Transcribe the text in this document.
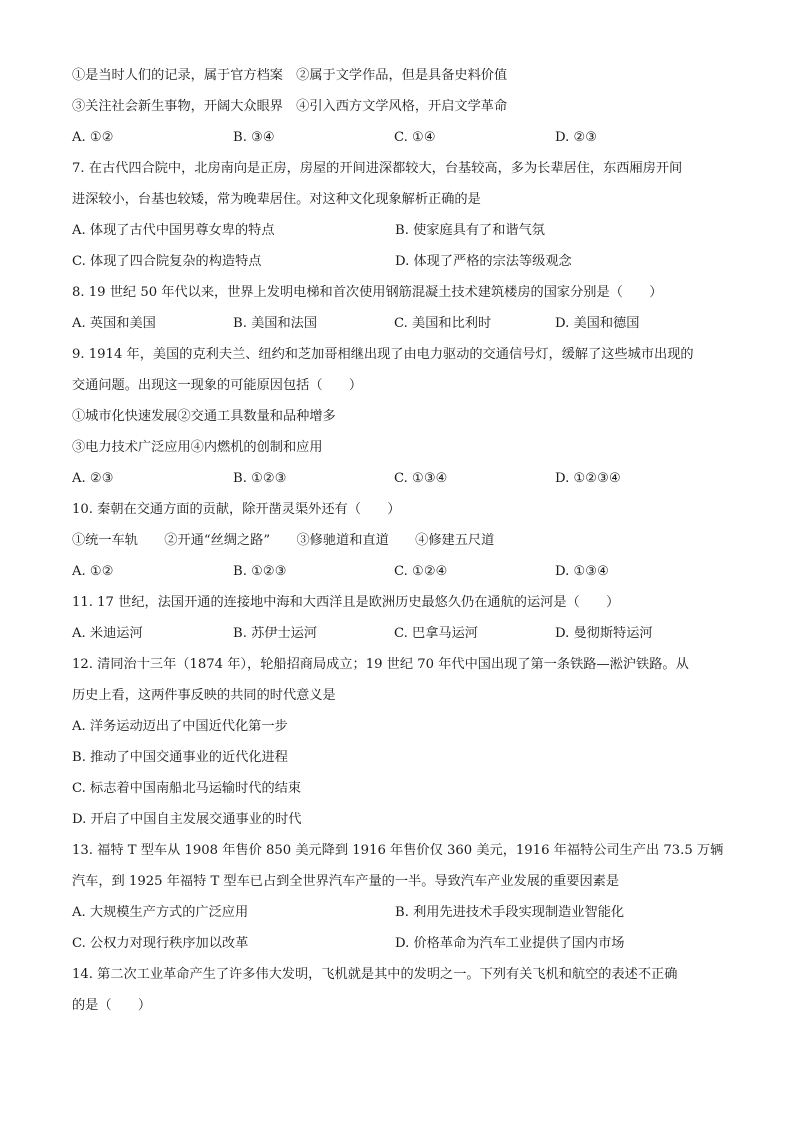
①是当时人们的记录，属于官方档案　②属于文学作品，但是具备史料价值
③关注社会新生事物，开阔大众眼界　④引入西方文学风格，开启文学革命
A. ①②	B. ③④	C. ①④	D. ②③
7. 在古代四合院中，北房南向是正房，房屋的开间进深都较大，台基较高，多为长辈居住，东西厢房开间
进深较小，台基也较矮，常为晚辈居住。对这种文化现象解析正确的是
A. 体现了古代中国男尊女卑的特点	B. 使家庭具有了和谐气氛
C. 体现了四合院复杂的构造特点	D. 体现了严格的宗法等级观念
8. 19 世纪 50 年代以来，世界上发明电梯和首次使用钢筋混凝土技术建筑楼房的国家分别是（　　）
A. 英国和美国	B. 美国和法国	C. 美国和比利时	D. 美国和德国
9. 1914 年，美国的克利夫兰、纽约和芝加哥相继出现了由电力驱动的交通信号灯，缓解了这些城市出现的
交通问题。出现这一现象的可能原因包括（　　）
①城市化快速发展②交通工具数量和品种增多
③电力技术广泛应用④内燃机的创制和应用
A. ②③	B. ①②③	C. ①③④	D. ①②③④
10. 秦朝在交通方面的贡献，除开凿灵渠外还有（　　）
①统一车轨　　②开通“丝绸之路”　　③修驰道和直道　　④修建五尺道
A. ①②	B. ①②③	C. ①②④	D. ①③④
11. 17 世纪，法国开通的连接地中海和大西洋且是欧洲历史最悠久仍在通航的运河是（　　）
A. 米迪运河	B. 苏伊士运河	C. 巴拿马运河	D. 曼彻斯特运河
12. 清同治十三年（1874 年），轮船招商局成立；19 世纪 70 年代中国出现了第一条铁路—淞沪铁路。从
历史上看，这两件事反映的共同的时代意义是
A. 洋务运动迈出了中国近代化第一步
B. 推动了中国交通事业的近代化进程
C. 标志着中国南船北马运输时代的结束
D. 开启了中国自主发展交通事业的时代
13. 福特 T 型车从 1908 年售价 850 美元降到 1916 年售价仅 360 美元，1916 年福特公司生产出 73.5 万辆
汽车，到 1925 年福特 T 型车已占到全世界汽车产量的一半。导致汽车产业发展的重要因素是
A. 大规模生产方式的广泛应用	B. 利用先进技术手段实现制造业智能化
C. 公权力对现行秩序加以改革	D. 价格革命为汽车工业提供了国内市场
14. 第二次工业革命产生了许多伟大发明，飞机就是其中的发明之一。下列有关飞机和航空的表述不正确
的是（　　）
